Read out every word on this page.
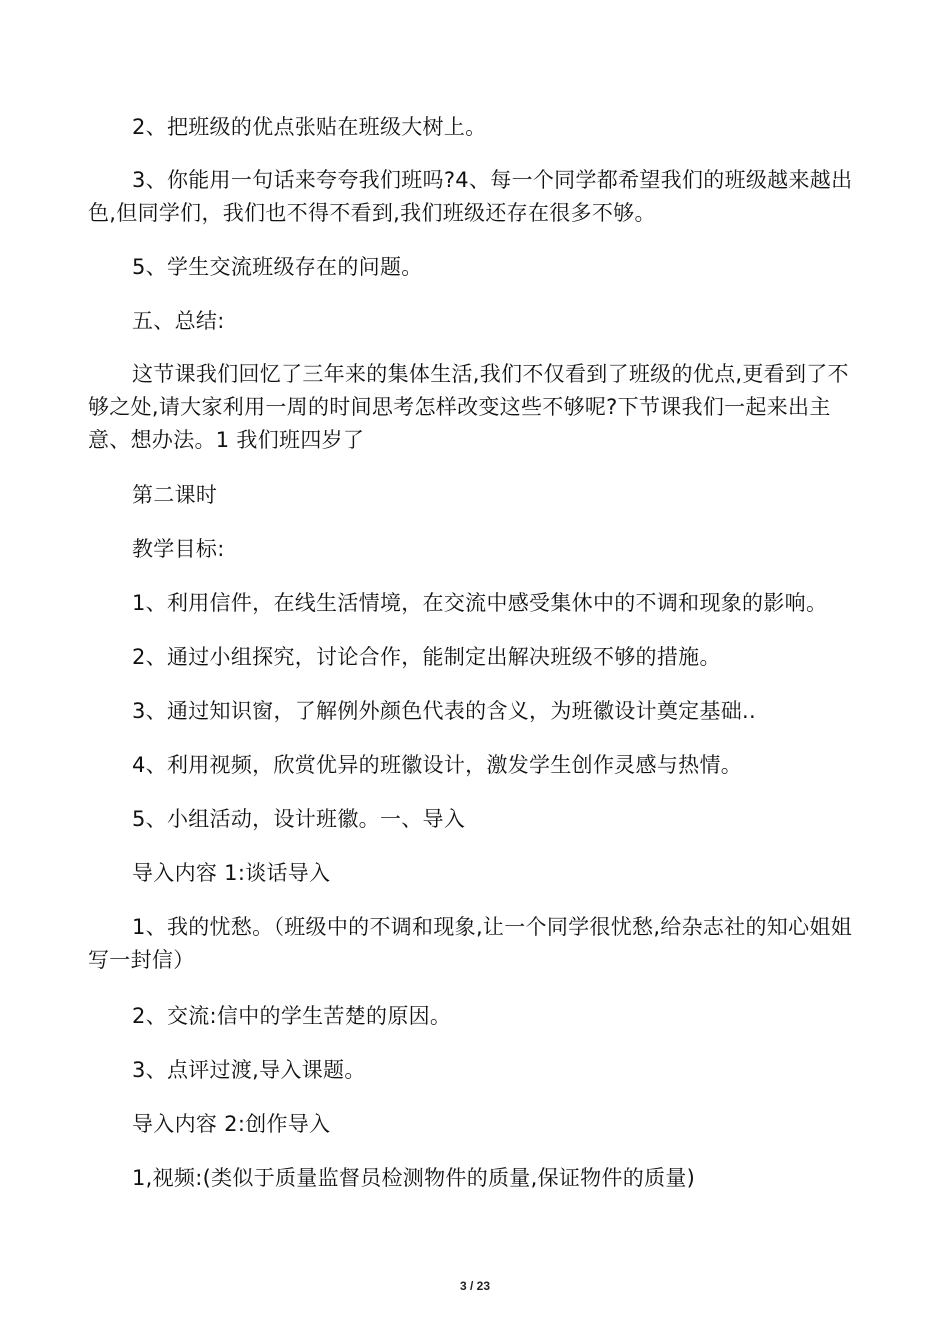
2、把班级的优点张贴在班级大树上。

3、你能用一句话来夸夸我们班吗?4、每一个同学都希望我们的班级越来越出色,但同学们，我们也不得不看到,我们班级还存在很多不够。

5、学生交流班级存在的问题。

五、总结:

这节课我们回忆了三年来的集体生活,我们不仅看到了班级的优点,更看到了不够之处,请大家利用一周的时间思考怎样改变这些不够呢?下节课我们一起来出主意、想办法。1 我们班四岁了

第二课时

教学目标:

1、利用信件，在线生活情境，在交流中感受集休中的不调和现象的影响。

2、通过小组探究，讨论合作，能制定出解决班级不够的措施。

3、通过知识窗，了解例外颜色代表的含义，为班徽设计奠定基础..

4、利用视频，欣赏优异的班徽设计，激发学生创作灵感与热情。

5、小组活动，设计班徽。一、导入

导入内容 1:谈话导入

1、我的忧愁。（班级中的不调和现象,让一个同学很忧愁,给杂志社的知心姐姐写一封信）

2、交流:信中的学生苦楚的原因。

3、点评过渡,导入课题。

导入内容 2:创作导入

1,视频:(类似于质量监督员检测物件的质量,保证物件的质量)

3 / 23
